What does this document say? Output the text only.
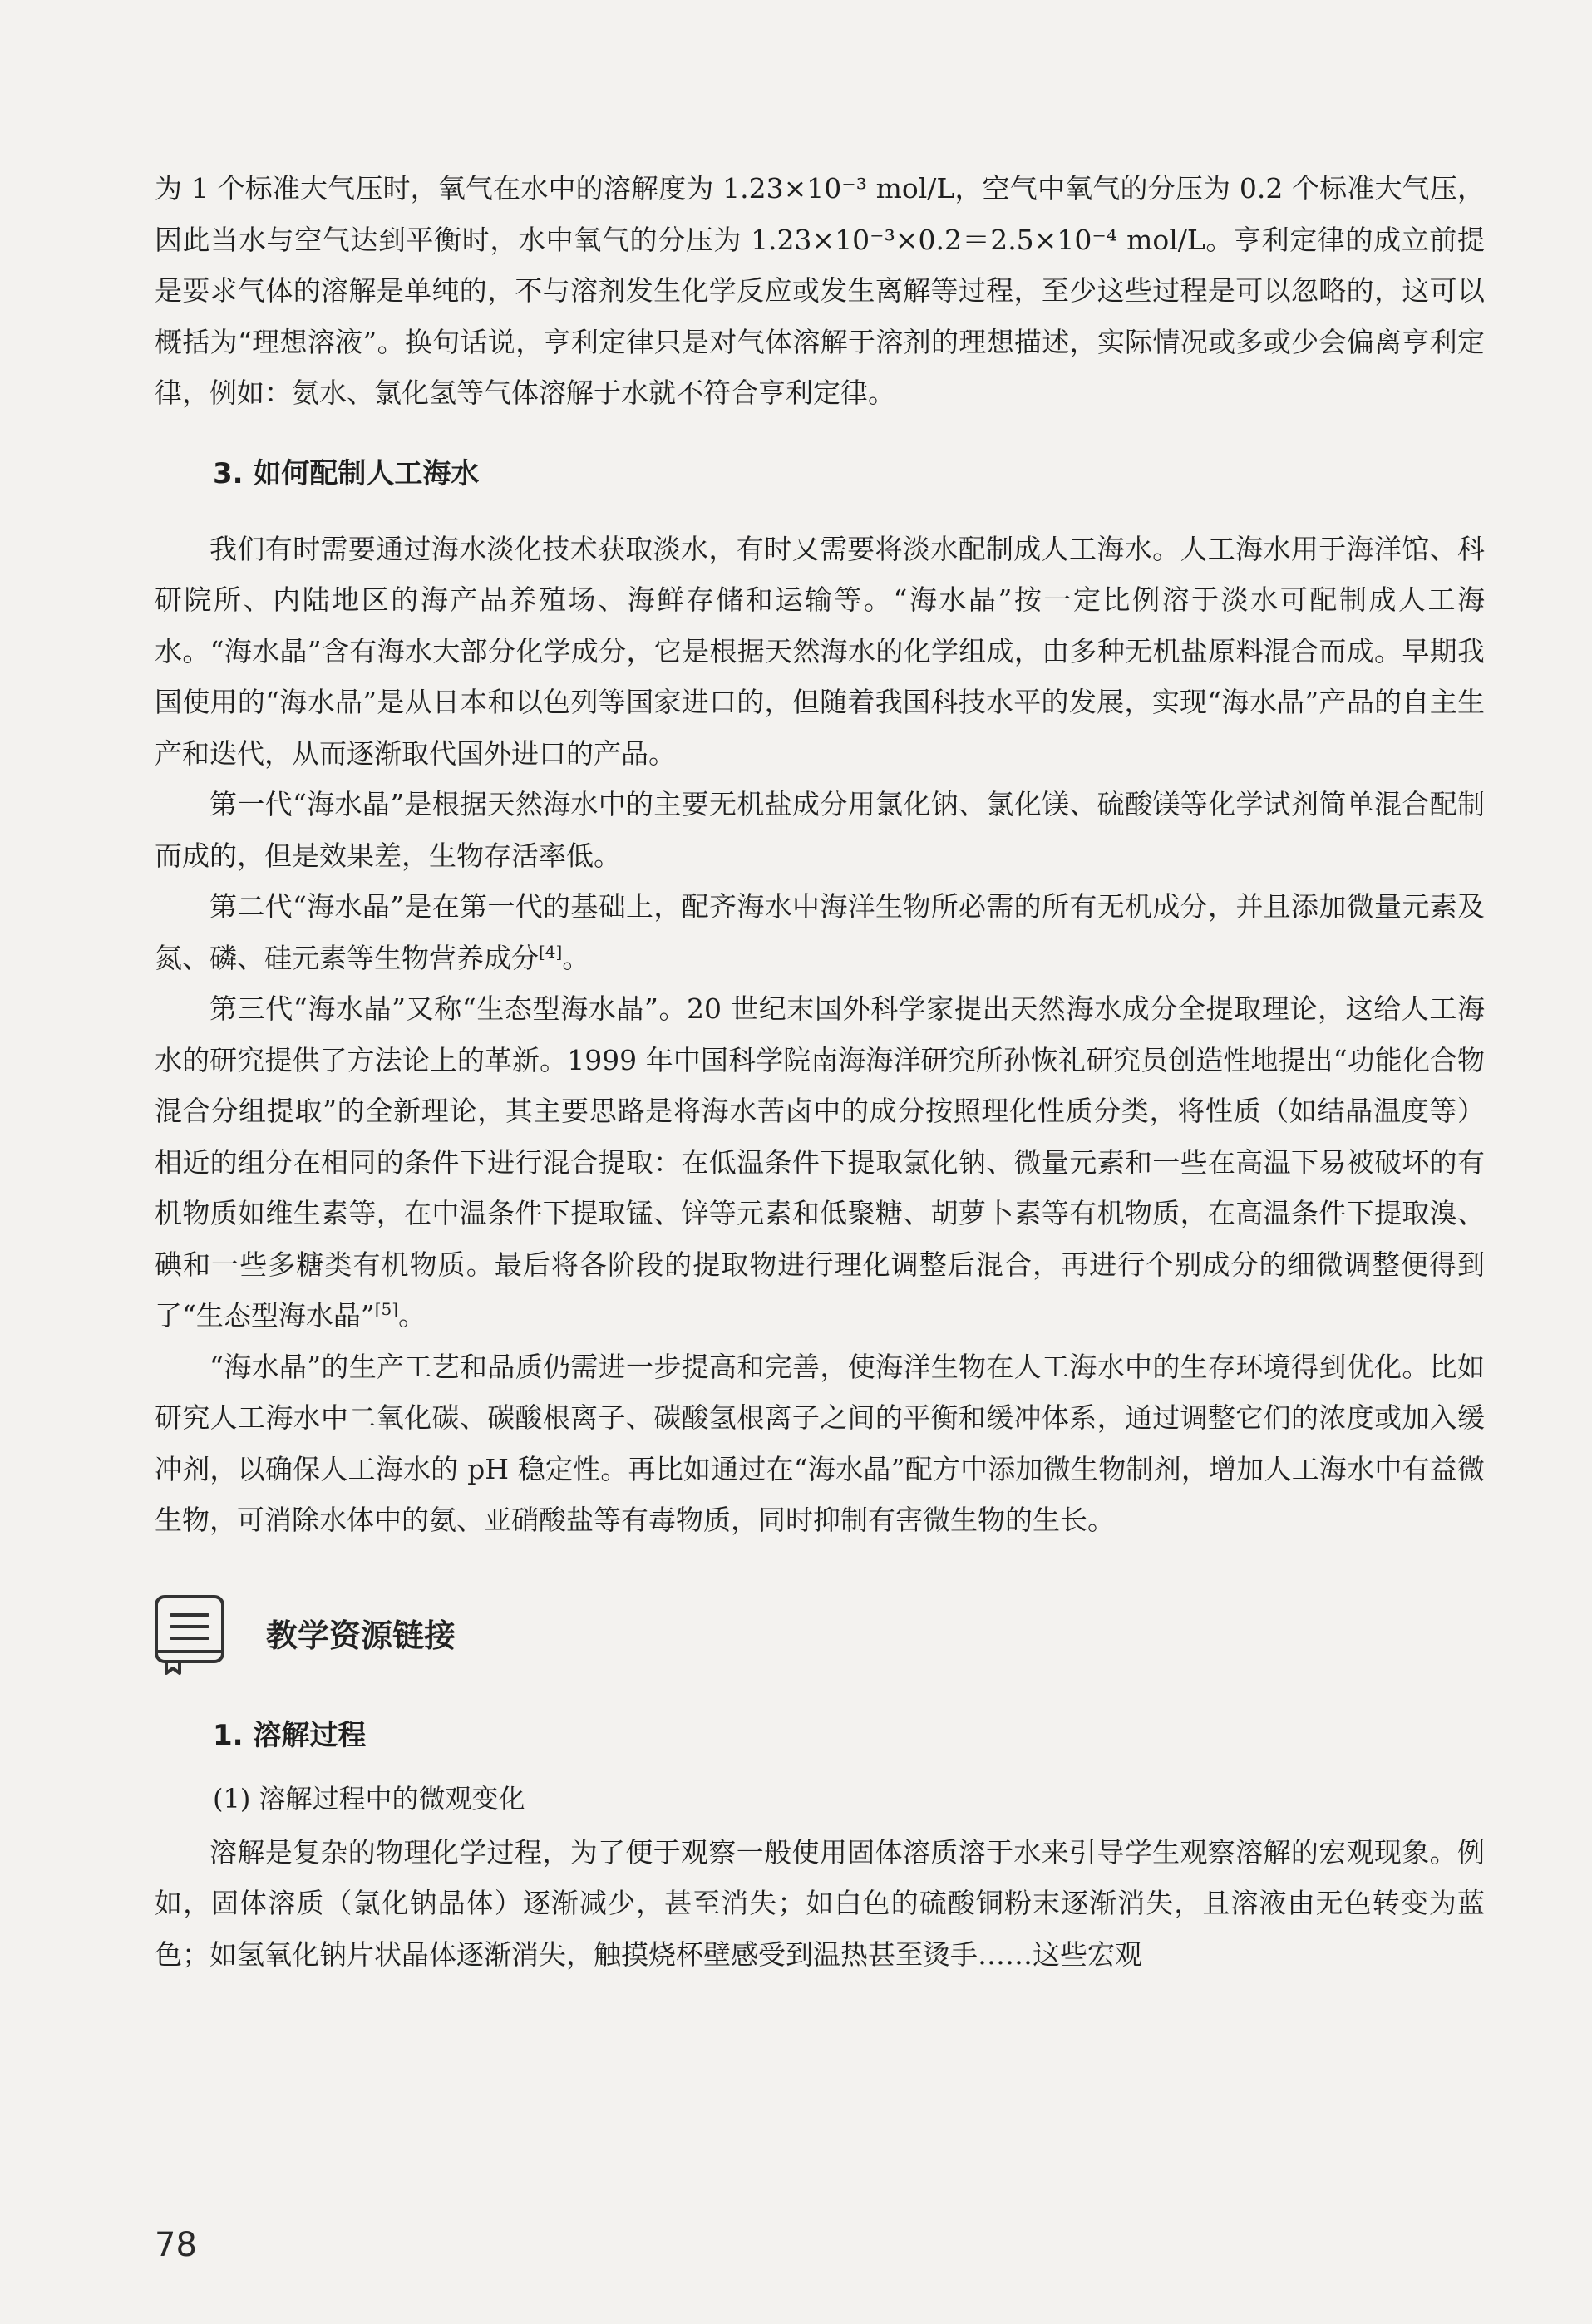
为 1 个标准大气压时，氧气在水中的溶解度为 1.23×10⁻³ mol/L，空气中氧气的分压为 0.2 个标准大气压，因此当水与空气达到平衡时，水中氧气的分压为 1.23×10⁻³×0.2＝2.5×10⁻⁴ mol/L。亨利定律的成立前提是要求气体的溶解是单纯的，不与溶剂发生化学反应或发生离解等过程，至少这些过程是可以忽略的，这可以概括为“理想溶液”。换句话说，亨利定律只是对气体溶解于溶剂的理想描述，实际情况或多或少会偏离亨利定律，例如：氨水、氯化氢等气体溶解于水就不符合亨利定律。

3. 如何配制人工海水

我们有时需要通过海水淡化技术获取淡水，有时又需要将淡水配制成人工海水。人工海水用于海洋馆、科研院所、内陆地区的海产品养殖场、海鲜存储和运输等。“海水晶”按一定比例溶于淡水可配制成人工海水。“海水晶”含有海水大部分化学成分，它是根据天然海水的化学组成，由多种无机盐原料混合而成。早期我国使用的“海水晶”是从日本和以色列等国家进口的，但随着我国科技水平的发展，实现“海水晶”产品的自主生产和迭代，从而逐渐取代国外进口的产品。

第一代“海水晶”是根据天然海水中的主要无机盐成分用氯化钠、氯化镁、硫酸镁等化学试剂简单混合配制而成的，但是效果差，生物存活率低。

第二代“海水晶”是在第一代的基础上，配齐海水中海洋生物所必需的所有无机成分，并且添加微量元素及氮、磷、硅元素等生物营养成分[4]。

第三代“海水晶”又称“生态型海水晶”。20 世纪末国外科学家提出天然海水成分全提取理论，这给人工海水的研究提供了方法论上的革新。1999 年中国科学院南海海洋研究所孙恢礼研究员创造性地提出“功能化合物混合分组提取”的全新理论，其主要思路是将海水苦卤中的成分按照理化性质分类，将性质（如结晶温度等）相近的组分在相同的条件下进行混合提取：在低温条件下提取氯化钠、微量元素和一些在高温下易被破坏的有机物质如维生素等，在中温条件下提取锰、锌等元素和低聚糖、胡萝卜素等有机物质，在高温条件下提取溴、碘和一些多糖类有机物质。最后将各阶段的提取物进行理化调整后混合，再进行个别成分的细微调整便得到了“生态型海水晶”[5]。

“海水晶”的生产工艺和品质仍需进一步提高和完善，使海洋生物在人工海水中的生存环境得到优化。比如研究人工海水中二氧化碳、碳酸根离子、碳酸氢根离子之间的平衡和缓冲体系，通过调整它们的浓度或加入缓冲剂，以确保人工海水的 pH 稳定性。再比如通过在“海水晶”配方中添加微生物制剂，增加人工海水中有益微生物，可消除水体中的氨、亚硝酸盐等有毒物质，同时抑制有害微生物的生长。

教学资源链接
1. 溶解过程
(1) 溶解过程中的微观变化

溶解是复杂的物理化学过程，为了便于观察一般使用固体溶质溶于水来引导学生观察溶解的宏观现象。例如，固体溶质（氯化钠晶体）逐渐减少，甚至消失；如白色的硫酸铜粉末逐渐消失，且溶液由无色转变为蓝色；如氢氧化钠片状晶体逐渐消失，触摸烧杯壁感受到温热甚至烫手……这些宏观

78
